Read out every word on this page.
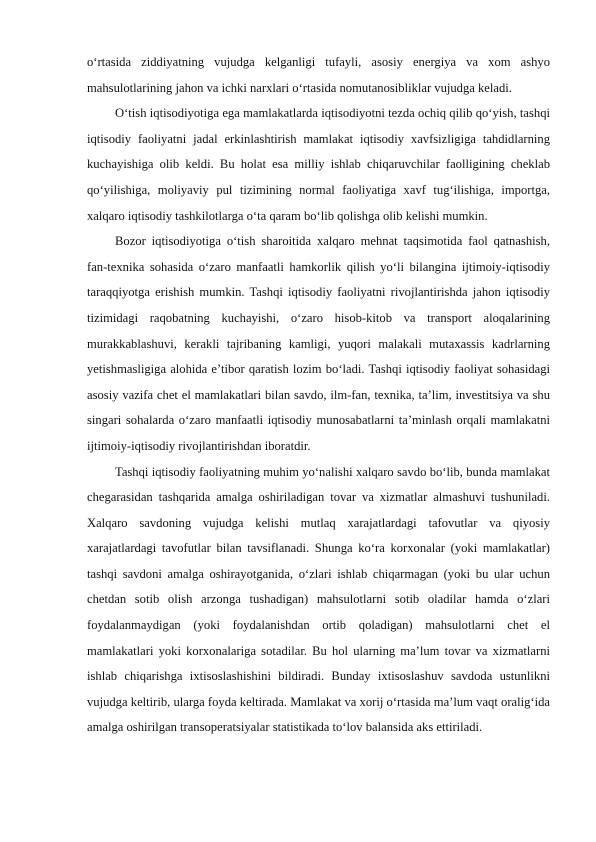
o‘rtasida ziddiyatning vujudga kelganligi tufayli, asosiy energiya va xom ashyo mahsulotlarining jahon va ichki narxlari o‘rtasida nomutanosibliklar vujudga keladi.

O‘tish iqtisodiyotiga ega mamlakatlarda iqtisodiyotni tezda ochiq qilib qo‘yish, tashqi iqtisodiy faoliyatni jadal erkinlashtirish mamlakat iqtisodiy xavfsizligiga tahdidlarning kuchayishiga olib keldi. Bu holat esa milliy ishlab chiqaruvchilar faolligining cheklab qo‘yilishiga, moliyaviy pul tizimining normal faoliyatiga xavf tug‘ilishiga, importga, xalqaro iqtisodiy tashkilotlarga o‘ta qaram bo‘lib qolishga olib kelishi mumkin.

Bozor iqtisodiyotiga o‘tish sharoitida xalqaro mehnat taqsimotida faol qatnashish, fan-texnika sohasida o‘zaro manfaatli hamkorlik qilish yo‘li bilangina ijtimoiy-iqtisodiy taraqqiyotga erishish mumkin. Tashqi iqtisodiy faoliyatni rivojlantirishda jahon iqtisodiy tizimidagi raqobatning kuchayishi, o‘zaro hisob-kitob va transport aloqalarining murakkablashuvi, kerakli tajribaning kamligi, yuqori malakali mutaxassis kadrlarning yetishmasligiga alohida e’tibor qaratish lozim bo‘ladi. Tashqi iqtisodiy faoliyat sohasidagi asosiy vazifa chet el mamlakatlari bilan savdo, ilm-fan, texnika, ta’lim, investitsiya va shu singari sohalarda o‘zaro manfaatli iqtisodiy munosabatlarni ta’minlash orqali mamlakatni ijtimoiy-iqtisodiy rivojlantirishdan iboratdir.

Tashqi iqtisodiy faoliyatning muhim yo‘nalishi xalqaro savdo bo‘lib, bunda mamlakat chegarasidan tashqarida amalga oshiriladigan tovar va xizmatlar almashuvi tushuniladi. Xalqaro savdoning vujudga kelishi mutlaq xarajatlardagi tafovutlar va qiyosiy xarajatlardagi tavofutlar bilan tavsiflanadi. Shunga ko‘ra korxonalar (yoki mamlakatlar) tashqi savdoni amalga oshirayotganida, o‘zlari ishlab chiqarmagan (yoki bu ular uchun chetdan sotib olish arzonga tushadigan) mahsulotlarni sotib oladilar hamda o‘zlari foydalanmaydigan (yoki foydalanishdan ortib qoladigan) mahsulotlarni chet el mamlakatlari yoki korxonalariga sotadilar. Bu hol ularning ma’lum tovar va xizmatlarni ishlab chiqarishga ixtisoslashishini bildiradi. Bunday ixtisoslashuv savdoda ustunlikni vujudga keltirib, ularga foyda keltirada. Mamlakat va xorij o‘rtasida ma’lum vaqt oralig‘ida amalga oshirilgan transoperatsiyalar statistikada to‘lov balansida aks ettiriladi.
